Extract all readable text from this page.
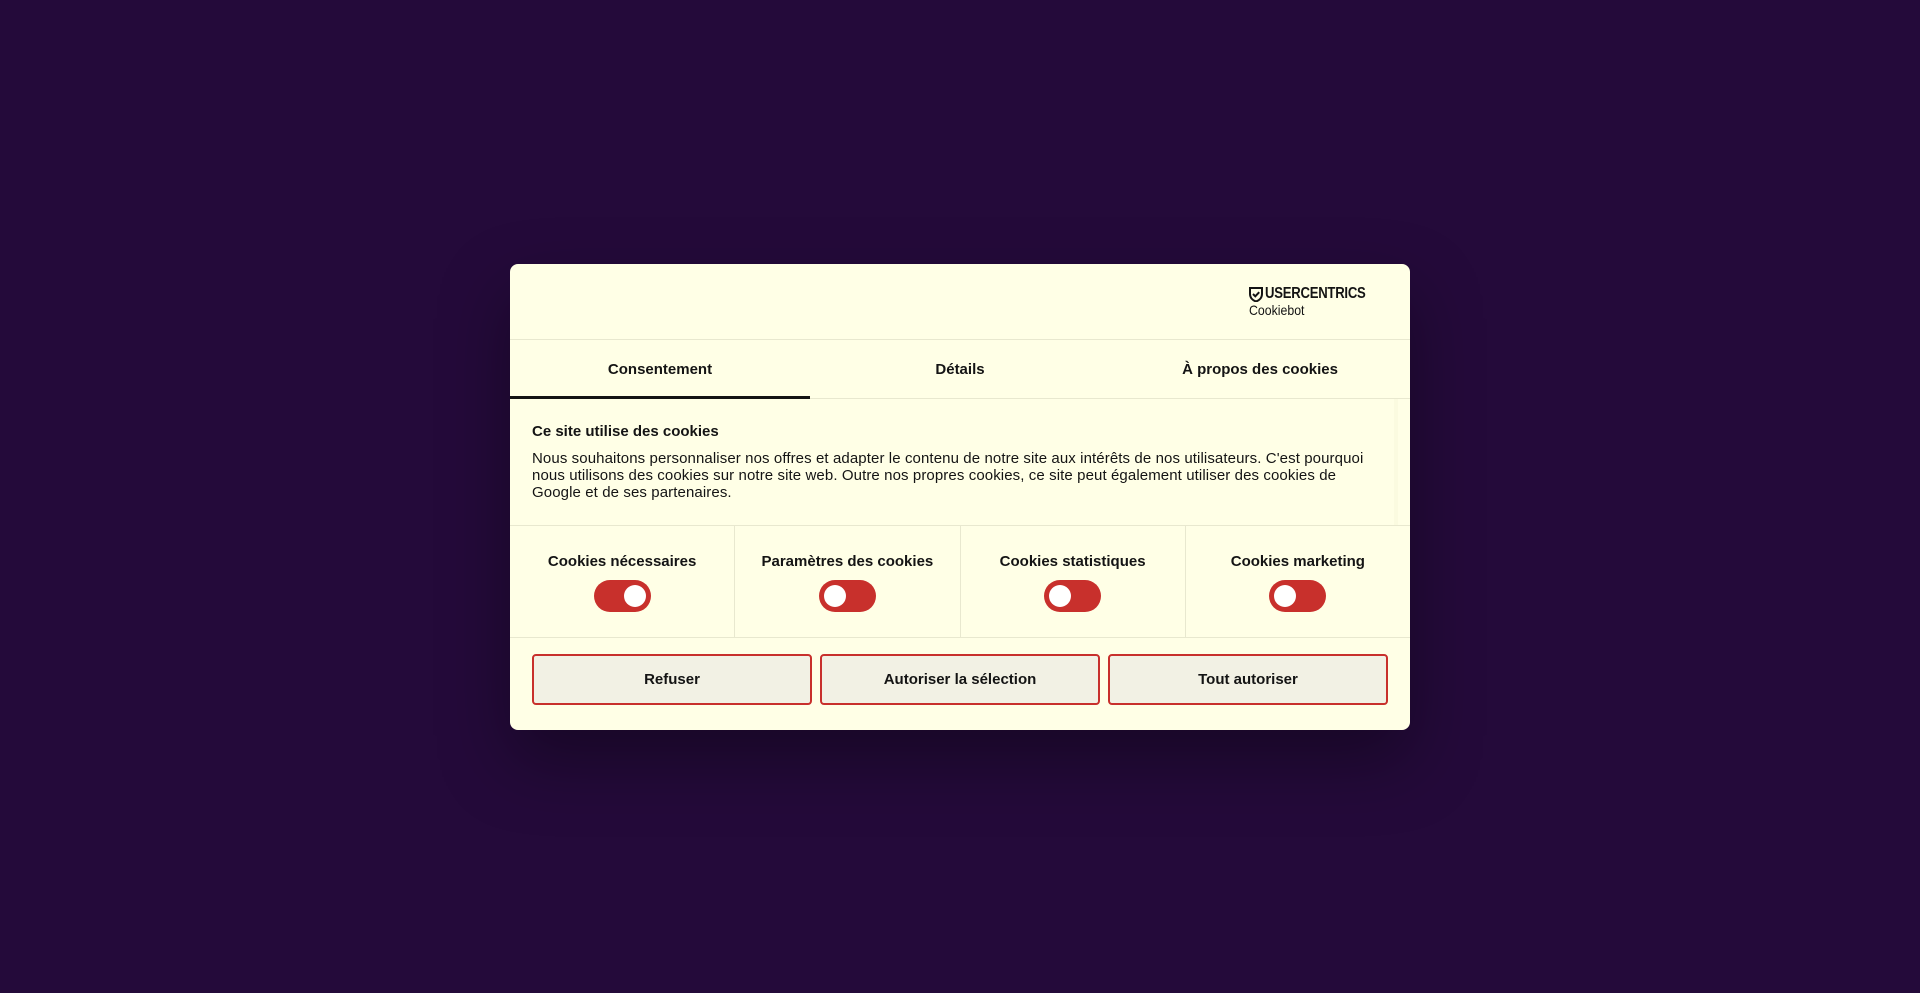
USERCENTRICS
Cookiebot
Consentement	Détails	À propos des cookies
Ce site utilise des cookies
Nous souhaitons personnaliser nos offres et adapter le contenu de notre site aux intérêts de nos utilisateurs. C'est pourquoi nous utilisons des cookies sur notre site web. Outre nos propres cookies, ce site peut également utiliser des cookies de Google et de ses partenaires.
Cookies nécessaires	Paramètres des cookies	Cookies statistiques	Cookies marketing
Refuser	Autoriser la sélection	Tout autoriser
